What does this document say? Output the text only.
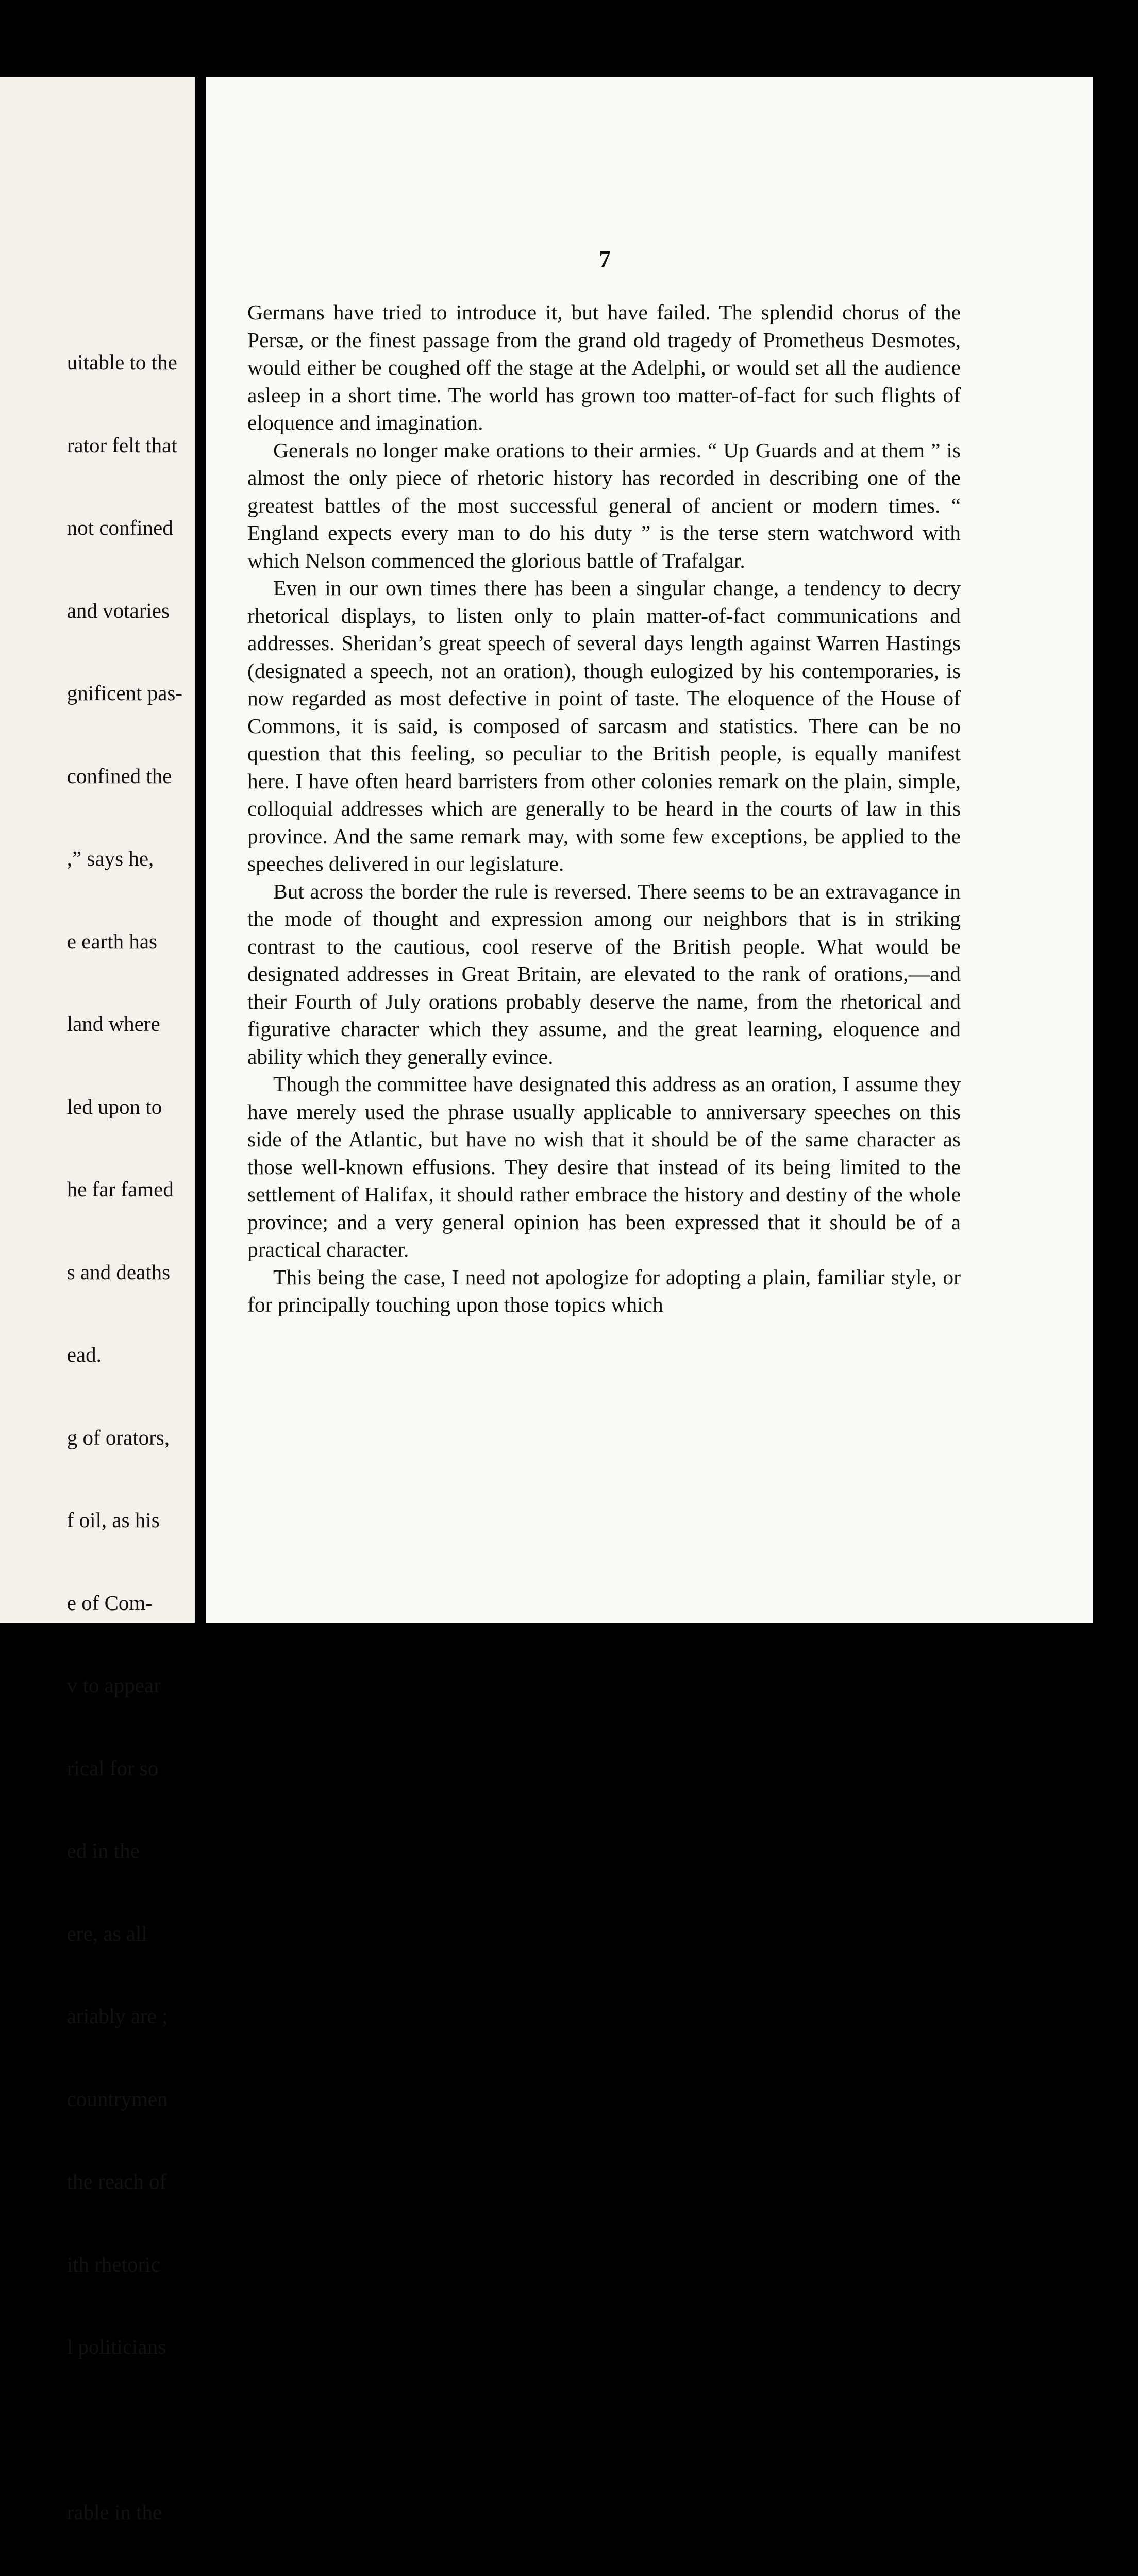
uitable to the

rator felt that

not confined

and votaries

gnificent pas-

confined the

,” says he,

e earth has

land where

led upon to

he far famed

s and deaths

ead.

g of orators,

f oil, as his

e of Com-

v to appear

rical for so

ed in the

ere, as all

ariably are ;

countrymen

the reach of

ith rhetoric

l politicians

rable in the

7

Germans have tried to introduce it, but have failed. The splendid chorus of the Persæ, or the finest passage from the grand old tragedy of Prometheus Desmotes, would either be coughed off the stage at the Adelphi, or would set all the audience asleep in a short time. The world has grown too matter-of-fact for such flights of eloquence and imagination.

Generals no longer make orations to their armies. “ Up Guards and at them ” is almost the only piece of rhetoric history has recorded in describing one of the greatest battles of the most successful general of ancient or modern times. “ England expects every man to do his duty ” is the terse stern watchword with which Nelson commenced the glorious battle of Trafalgar.

Even in our own times there has been a singular change, a tendency to decry rhetorical displays, to listen only to plain matter-of-fact communications and addresses. Sheridan’s great speech of several days length against Warren Hastings (designated a speech, not an oration), though eulogized by his contemporaries, is now regarded as most defective in point of taste. The eloquence of the House of Commons, it is said, is composed of sarcasm and statistics. There can be no question that this feeling, so peculiar to the British people, is equally manifest here. I have often heard barristers from other colonies remark on the plain, simple, colloquial addresses which are generally to be heard in the courts of law in this province. And the same remark may, with some few exceptions, be applied to the speeches delivered in our legislature.

But across the border the rule is reversed. There seems to be an extravagance in the mode of thought and expression among our neighbors that is in striking contrast to the cautious, cool reserve of the British people. What would be designated addresses in Great Britain, are elevated to the rank of orations,—and their Fourth of July orations probably deserve the name, from the rhetorical and figurative character which they assume, and the great learning, eloquence and ability which they generally evince.

Though the committee have designated this address as an oration, I assume they have merely used the phrase usually applicable to anniversary speeches on this side of the Atlantic, but have no wish that it should be of the same character as those well-known effusions. They desire that instead of its being limited to the settlement of Halifax, it should rather embrace the history and destiny of the whole province; and a very general opinion has been expressed that it should be of a practical character.

This being the case, I need not apologize for adopting a plain, familiar style, or for principally touching upon those topics which
